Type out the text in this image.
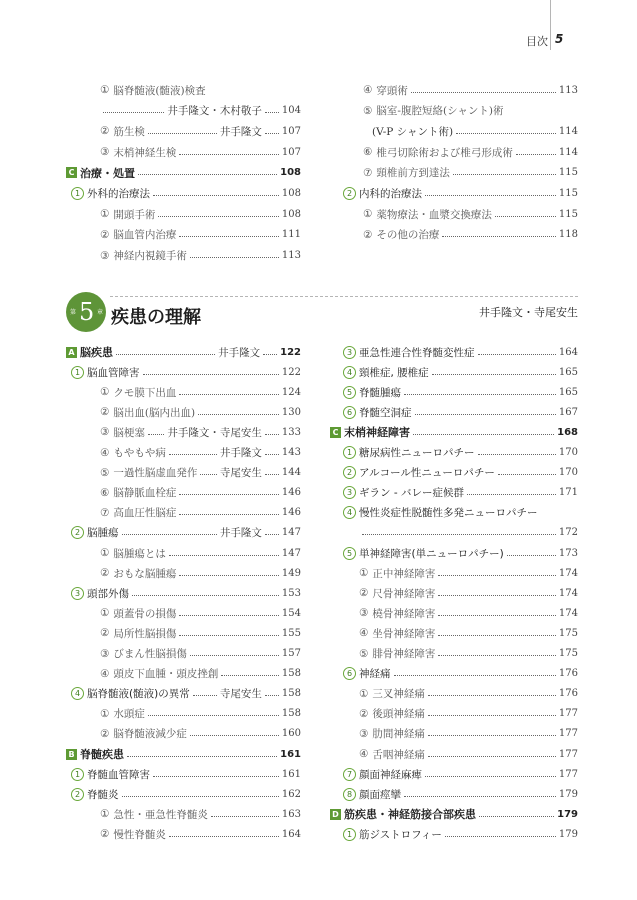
目次 5
① 脳脊髄液(髄液)検査
井手隆文・木村敬子 104
② 筋生検	井手隆文 107
③ 末梢神経生検	107
C 治療・処置	108
1 外科的治療法	108
① 開頭手術	108
② 脳血管内治療	111
③ 神経内視鏡手術	113
④ 穿頭術	113
⑤ 脳室-腹腔短絡(シャント)術
(V-P シャント術)	114
⑥ 椎弓切除術および椎弓形成術	114
⑦ 頸椎前方到達法	115
2 内科的治療法	115
① 薬物療法・血漿交換療法	115
② その他の治療	118
第 5 章 疾患の理解	井手隆文・寺尾安生
A 脳疾患	井手隆文 122
1 脳血管障害	122
① クモ膜下出血	124
② 脳出血(脳内出血)	130
③ 脳梗塞 井手隆文・寺尾安生 133
④ もやもや病	井手隆文 143
⑤ 一過性脳虚血発作 寺尾安生 144
⑥ 脳静脈血栓症	146
⑦ 高血圧性脳症	146
2 脳腫瘍	井手隆文 147
① 脳腫瘍とは	147
② おもな脳腫瘍	149
3 頭部外傷	153
① 頭蓋骨の損傷	154
② 局所性脳損傷	155
③ びまん性脳損傷	157
④ 頭皮下血腫・頭皮挫創	158
4 脳脊髄液(髄液)の異常	寺尾安生 158
① 水頭症	158
② 脳脊髄液減少症	160
B 脊髄疾患	161
1 脊髄血管障害	161
2 脊髄炎	162
① 急性・亜急性脊髄炎	163
② 慢性脊髄炎	164
3 亜急性連合性脊髄変性症	164
4 頸椎症, 腰椎症	165
5 脊髄腫瘍	165
6 脊髄空洞症	167
C 末梢神経障害	168
1 糖尿病性ニューロパチー	170
2 アルコール性ニューロパチー	170
3 ギラン - バレー症候群	171
4 慢性炎症性脱髄性多発ニューロパチー
172
5 単神経障害(単ニューロパチー)	173
① 正中神経障害	174
② 尺骨神経障害	174
③ 橈骨神経障害	174
④ 坐骨神経障害	175
⑤ 腓骨神経障害	175
6 神経痛	176
① 三叉神経痛	176
② 後頭神経痛	177
③ 肋間神経痛	177
④ 舌咽神経痛	177
7 顔面神経麻痺	177
8 顔面痙攣	179
D 筋疾患・神経筋接合部疾患	179
1 筋ジストロフィー	179
